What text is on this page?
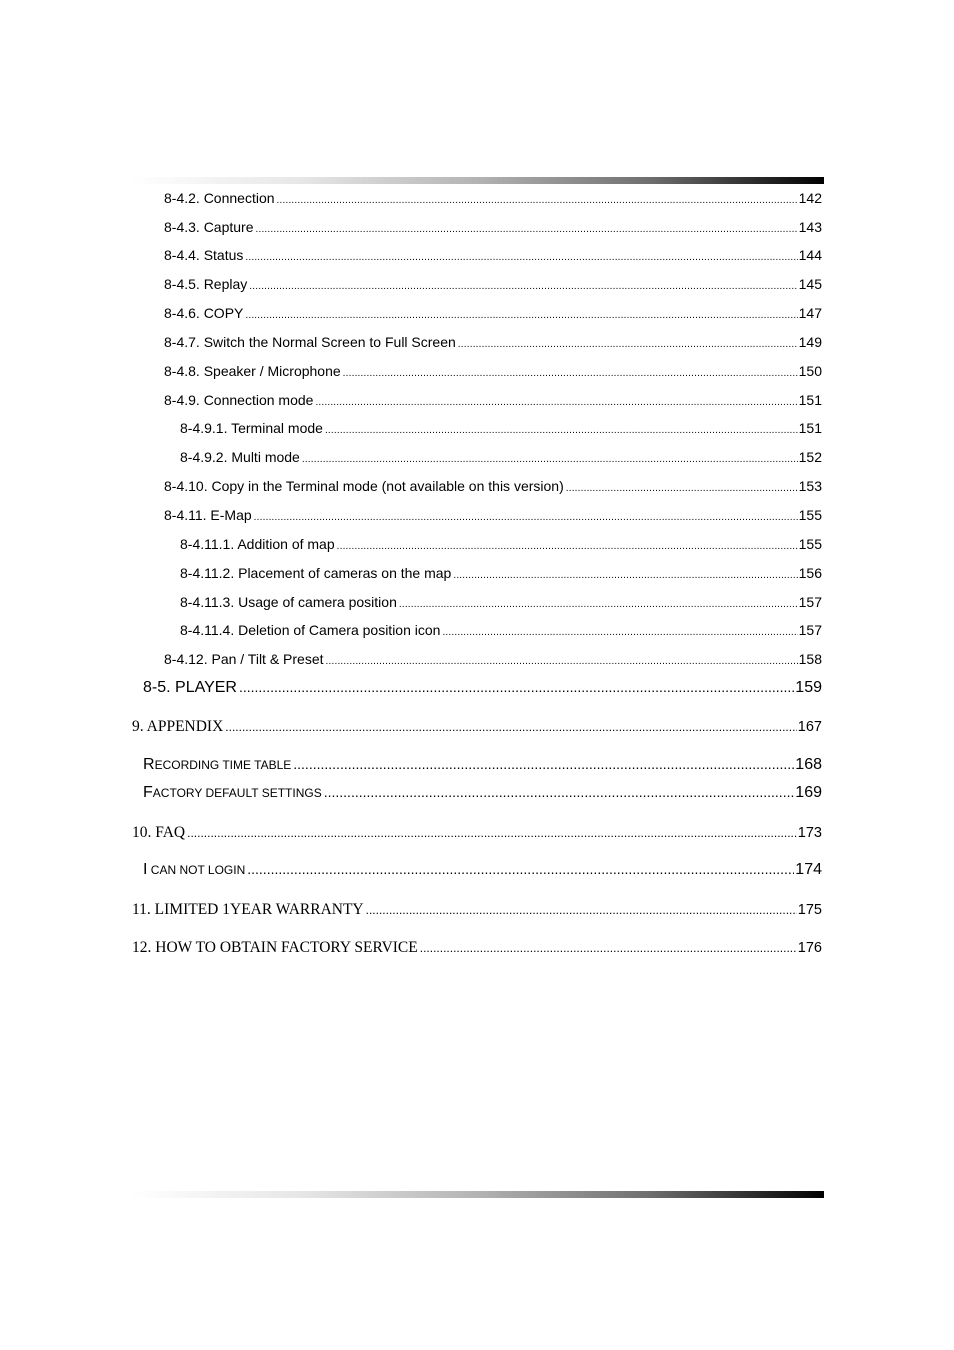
8-4.2. Connection .....	142
8-4.3. Capture .....	143
8-4.4. Status .....	144
8-4.5. Replay .....	145
8-4.6. COPY .....	147
8-4.7. Switch the Normal Screen to Full Screen .....	149
8-4.8. Speaker / Microphone .....	150
8-4.9. Connection mode .....	151
8-4.9.1. Terminal mode .....	151
8-4.9.2. Multi mode .....	152
8-4.10. Copy in the Terminal mode (not available on this version) .....	153
8-4.11. E-Map .....	155
8-4.11.1. Addition of map .....	155
8-4.11.2. Placement of cameras on the map .....	156
8-4.11.3. Usage of camera position .....	157
8-4.11.4. Deletion of Camera position icon .....	157
8-4.12. Pan / Tilt & Preset .....	158
8-5. PLAYER .....	159
9. APPENDIX .....	167
RECORDING TIME TABLE .....	168
FACTORY DEFAULT SETTINGS .....	169
10. FAQ .....	173
I CAN NOT LOGIN .....	174
11. LIMITED 1YEAR WARRANTY .....	175
12. HOW TO OBTAIN FACTORY SERVICE .....	176
